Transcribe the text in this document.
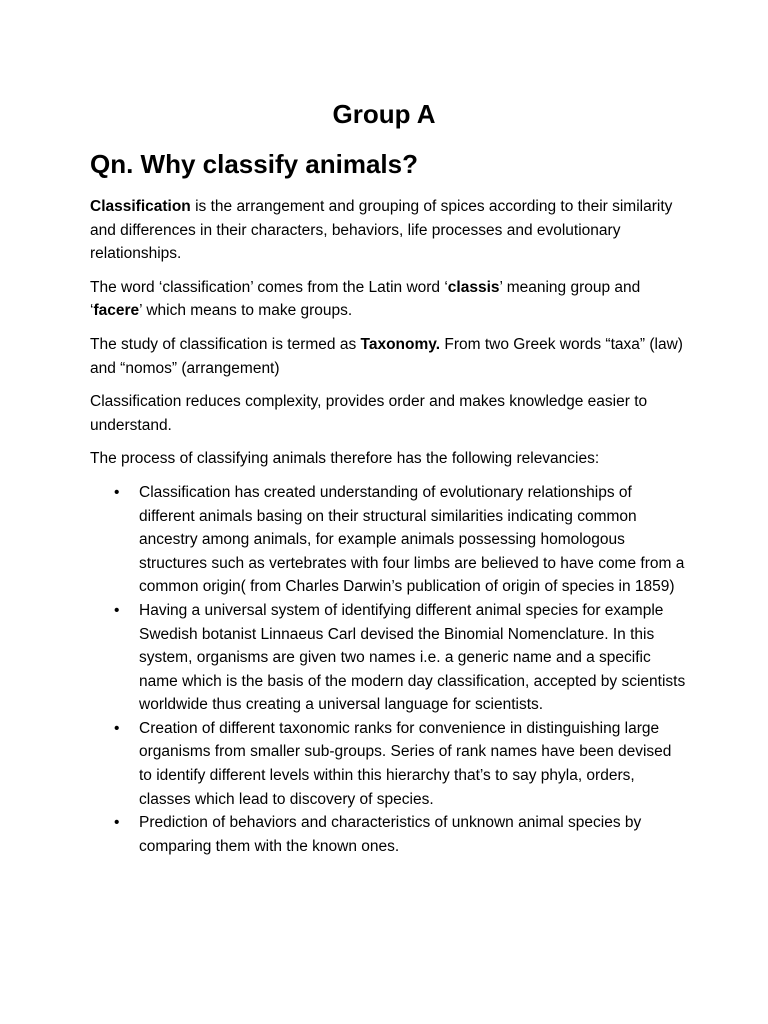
Group A
Qn. Why classify animals?

Classification is the arrangement and grouping of spices according to their similarity and differences in their characters, behaviors, life processes and evolutionary relationships.

The word ‘classification’ comes from the Latin word ‘classis’ meaning group and ‘facere’ which means to make groups.

The study of classification is termed as Taxonomy. From two Greek words “taxa” (law) and “nomos” (arrangement)

Classification reduces complexity, provides order and makes knowledge easier to understand.

The process of classifying animals therefore has the following relevancies:

• Classification has created understanding of evolutionary relationships of different animals basing on their structural similarities indicating common ancestry among animals, for example animals possessing homologous structures such as vertebrates with four limbs are believed to have come from a common origin( from Charles Darwin’s publication of origin of species in 1859)
• Having a universal system of identifying different animal species for example Swedish botanist Linnaeus Carl devised the Binomial Nomenclature. In this system, organisms are given two names i.e. a generic name and a specific name which is the basis of the modern day classification, accepted by scientists worldwide thus creating a universal language for scientists.
• Creation of different taxonomic ranks for convenience in distinguishing large organisms from smaller sub-groups. Series of rank names have been devised to identify different levels within this hierarchy that’s to say phyla, orders, classes which lead to discovery of species.
• Prediction of behaviors and characteristics of unknown animal species by comparing them with the known ones.
